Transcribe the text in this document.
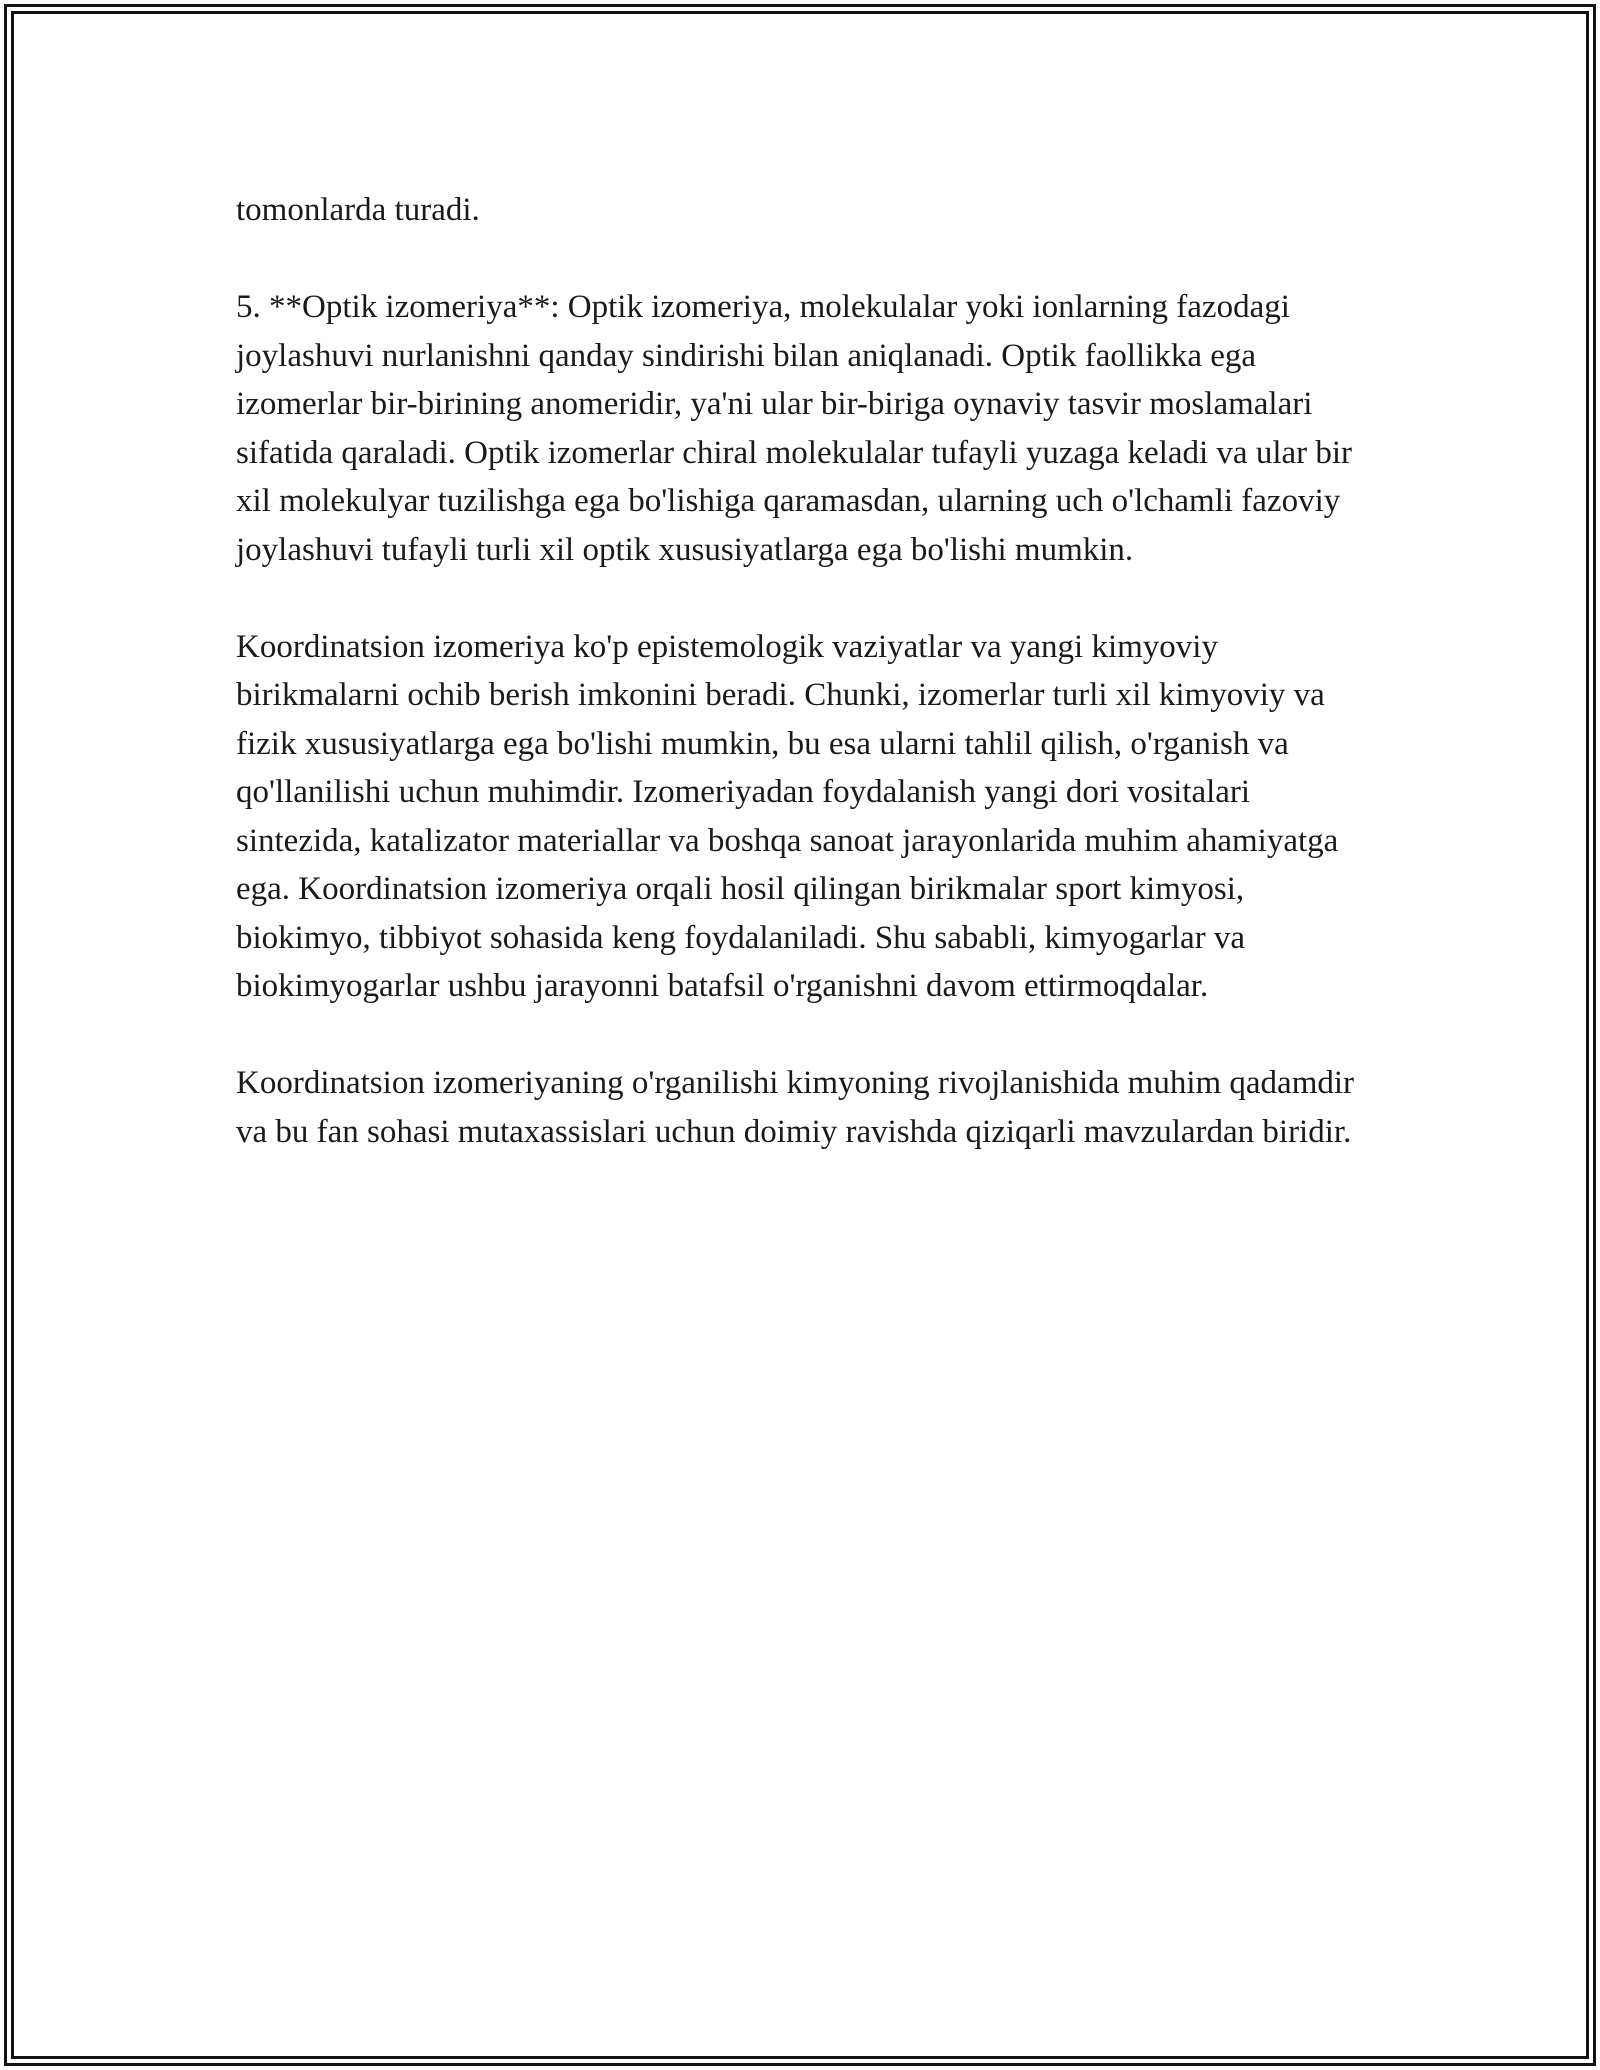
tomonlarda turadi.

5. **Optik izomeriya**: Optik izomeriya, molekulalar yoki ionlarning fazodagi joylashuvi nurlanishni qanday sindirishi bilan aniqlanadi. Optik faollikka ega izomerlar bir-birining anomeridir, ya'ni ular bir-biriga oynaviy tasvir moslamalari sifatida qaraladi. Optik izomerlar chiral molekulalar tufayli yuzaga keladi va ular bir xil molekulyar tuzilishga ega bo'lishiga qaramasdan, ularning uch o'lchamli fazoviy joylashuvi tufayli turli xil optik xususiyatlarga ega bo'lishi mumkin.

Koordinatsion izomeriya ko'p epistemologik vaziyatlar va yangi kimyoviy birikmalarni ochib berish imkonini beradi. Chunki, izomerlar turli xil kimyoviy va fizik xususiyatlarga ega bo'lishi mumkin, bu esa ularni tahlil qilish, o'rganish va qo'llanilishi uchun muhimdir. Izomeriyadan foydalanish yangi dori vositalari sintezida, katalizator materiallar va boshqa sanoat jarayonlarida muhim ahamiyatga ega. Koordinatsion izomeriya orqali hosil qilingan birikmalar sport kimyosi, biokimyo, tibbiyot sohasida keng foydalaniladi. Shu sababli, kimyogarlar va biokimyogarlar ushbu jarayonni batafsil o'rganishni davom ettirmoqdalar.

Koordinatsion izomeriyaning o'rganilishi kimyoning rivojlanishida muhim qadamdir va bu fan sohasi mutaxassislari uchun doimiy ravishda qiziqarli mavzulardan biridir.
